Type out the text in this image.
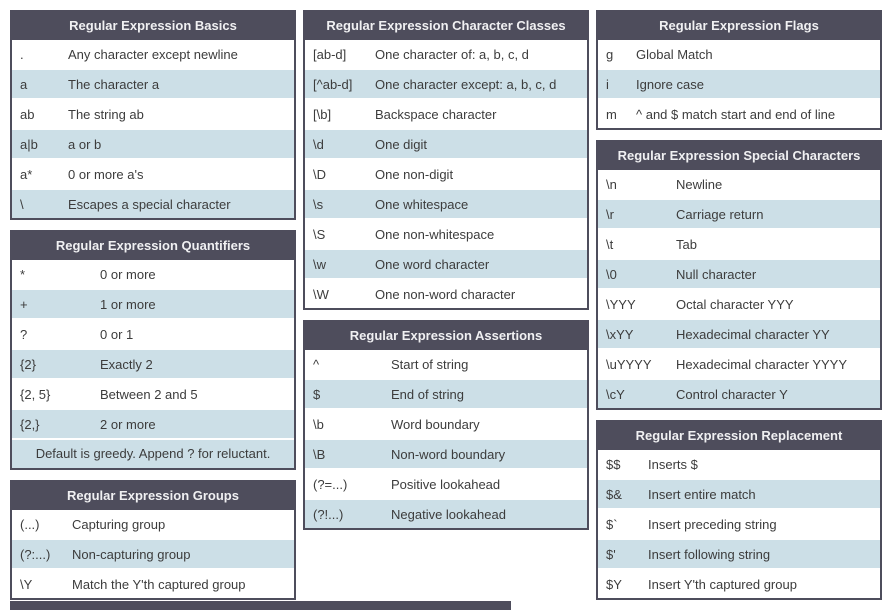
Regular Expression Basics
.	Any character except newline
a	The character a
ab	The string ab
a|b	a or b
a*	0 or more a's
\	Escapes a special character
Regular Expression Quantifiers
*	0 or more
+	1 or more
?	0 or 1
{2}	Exactly 2
{2, 5}	Between 2 and 5
{2,}	2 or more
Default is greedy. Append ? for reluctant.
Regular Expression Groups
(...)	Capturing group
(?:...)	Non-capturing group
\Y	Match the Y'th captured group
Regular Expression Character Classes
[ab-d]	One character of: a, b, c, d
[^ab-d]	One character except: a, b, c, d
[\b]	Backspace character
\d	One digit
\D	One non-digit
\s	One whitespace
\S	One non-whitespace
\w	One word character
\W	One non-word character
Regular Expression Assertions
^	Start of string
$	End of string
\b	Word boundary
\B	Non-word boundary
(?=...)	Positive lookahead
(?!...)	Negative lookahead
Regular Expression Flags
g	Global Match
i	Ignore case
m	^ and $ match start and end of line
Regular Expression Special Characters
\n	Newline
\r	Carriage return
\t	Tab
\0	Null character
\YYY	Octal character YYY
\xYY	Hexadecimal character YY
\uYYYY	Hexadecimal character YYYY
\cY	Control character Y
Regular Expression Replacement
$$	Inserts $
$&	Insert entire match
$`	Insert preceding string
$'	Insert following string
$Y	Insert Y'th captured group
